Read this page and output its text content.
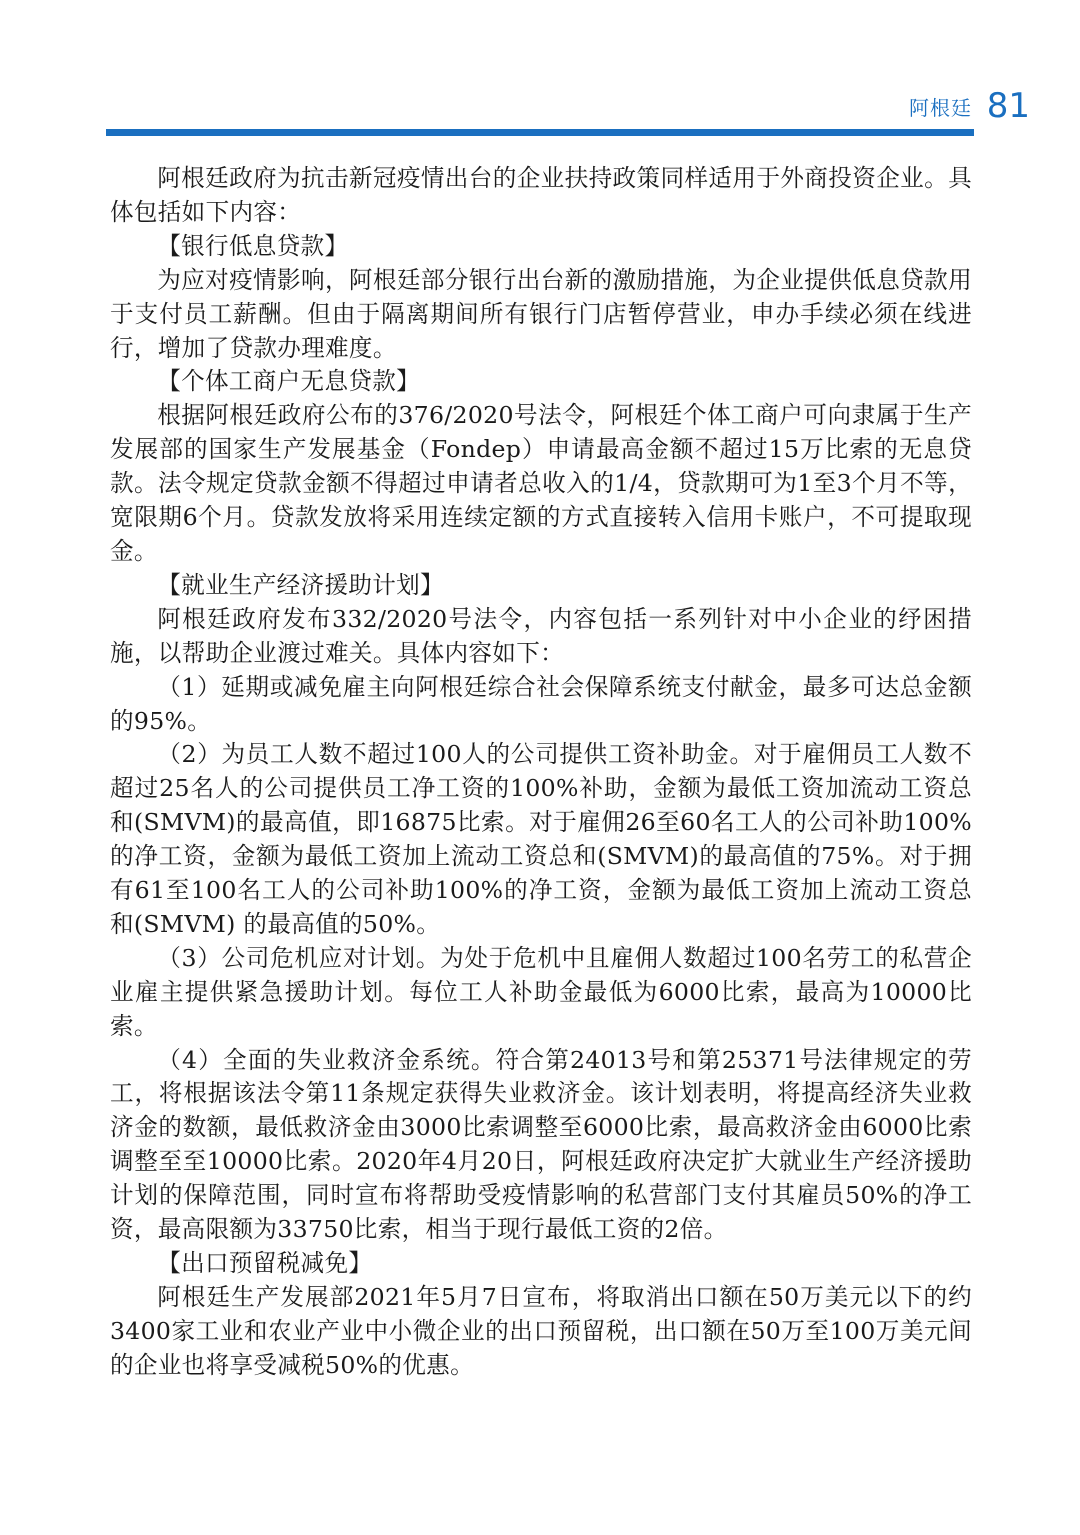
阿根廷 81

阿根廷政府为抗击新冠疫情出台的企业扶持政策同样适用于外商投资企业。具体包括如下内容：

【银行低息贷款】

为应对疫情影响，阿根廷部分银行出台新的激励措施，为企业提供低息贷款用于支付员工薪酬。但由于隔离期间所有银行门店暂停营业，申办手续必须在线进行，增加了贷款办理难度。

【个体工商户无息贷款】

根据阿根廷政府公布的376/2020号法令，阿根廷个体工商户可向隶属于生产发展部的国家生产发展基金（Fondep）申请最高金额不超过15万比索的无息贷款。法令规定贷款金额不得超过申请者总收入的1/4，贷款期可为1至3个月不等，宽限期6个月。贷款发放将采用连续定额的方式直接转入信用卡账户，不可提取现金。

【就业生产经济援助计划】

阿根廷政府发布332/2020号法令，内容包括一系列针对中小企业的纾困措施，以帮助企业渡过难关。具体内容如下：

（1）延期或减免雇主向阿根廷综合社会保障系统支付献金，最多可达总金额的95%。

（2）为员工人数不超过100人的公司提供工资补助金。对于雇佣员工人数不超过25名人的公司提供员工净工资的100%补助，金额为最低工资加流动工资总和(SMVM)的最高值，即16875比索。对于雇佣26至60名工人的公司补助100%的净工资，金额为最低工资加上流动工资总和(SMVM)的最高值的75%。对于拥有61至100名工人的公司补助100%的净工资，金额为最低工资加上流动工资总和(SMVM) 的最高值的50%。

（3）公司危机应对计划。为处于危机中且雇佣人数超过100名劳工的私营企业雇主提供紧急援助计划。每位工人补助金最低为6000比索，最高为10000比索。

（4）全面的失业救济金系统。符合第24013号和第25371号法律规定的劳工，将根据该法令第11条规定获得失业救济金。该计划表明，将提高经济失业救济金的数额，最低救济金由3000比索调整至6000比索，最高救济金由6000比索调整至至10000比索。2020年4月20日，阿根廷政府决定扩大就业生产经济援助计划的保障范围，同时宣布将帮助受疫情影响的私营部门支付其雇员50%的净工资，最高限额为33750比索，相当于现行最低工资的2倍。

【出口预留税减免】

阿根廷生产发展部2021年5月7日宣布，将取消出口额在50万美元以下的约3400家工业和农业产业中小微企业的出口预留税，出口额在50万至100万美元间的企业也将享受减税50%的优惠。
